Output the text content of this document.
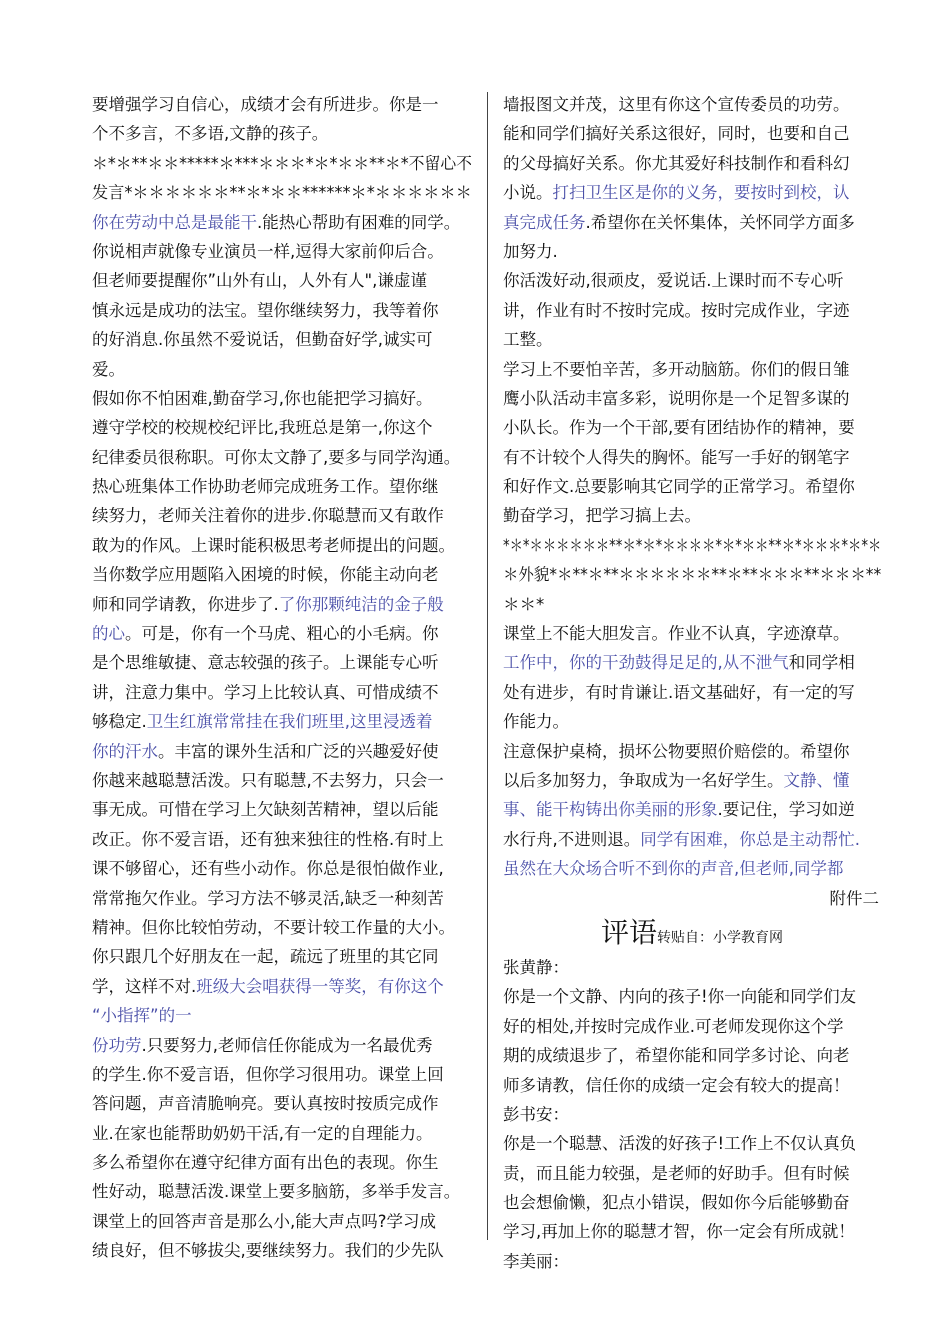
要增强学习自信心，成绩才会有所进步。你是一
个不多言，不多语,文静的孩子。
＊*＊**＊＊*****＊***＊＊＊*＊*＊＊**＊*不留心不
发言*＊＊＊＊＊＊**＊*＊＊******＊*＊＊＊＊＊＊
你在劳动中总是最能干.能热心帮助有困难的同学。
你说相声就像专业演员一样,逗得大家前仰后合。
但老师要提醒你”山外有山，人外有人",谦虚谨
慎永远是成功的法宝。望你继续努力，我等着你
的好消息.你虽然不爱说话，但勤奋好学,诚实可
爱。
假如你不怕困难,勤奋学习,你也能把学习搞好。
遵守学校的校规校纪评比,我班总是第一,你这个
纪律委员很称职。可你太文静了,要多与同学沟通。
热心班集体工作协助老师完成班务工作。望你继
续努力，老师关注着你的进步.你聪慧而又有敢作
敢为的作风。上课时能积极思考老师提出的问题。
当你数学应用题陷入困境的时候，你能主动向老
师和同学请教，你进步了.了你那颗纯洁的金子般
的心。可是，你有一个马虎、粗心的小毛病。你
是个思维敏捷、意志较强的孩子。上课能专心听
讲，注意力集中。学习上比较认真、可惜成绩不
够稳定.卫生红旗常常挂在我们班里,这里浸透着
你的汗水。丰富的课外生活和广泛的兴趣爱好使
你越来越聪慧活泼。只有聪慧,不去努力，只会一
事无成。可惜在学习上欠缺刻苦精神，望以后能
改正。你不爱言语，还有独来独往的性格.有时上
课不够留心，还有些小动作。你总是很怕做作业,
常常拖欠作业。学习方法不够灵活,缺乏一种刻苦
精神。但你比较怕劳动，不要计较工作量的大小。
你只跟几个好朋友在一起，疏远了班里的其它同
学，这样不对.班级大会唱获得一等奖，有你这个
“小指挥”的一
份功劳.只要努力,老师信任你能成为一名最优秀
的学生.你不爱言语，但你学习很用功。课堂上回
答问题，声音清脆响亮。要认真按时按质完成作
业.在家也能帮助奶奶干活,有一定的自理能力。
多么希望你在遵守纪律方面有出色的表现。你生
性好动，聪慧活泼.课堂上要多脑筋，多举手发言。
课堂上的回答声音是那么小,能大声点吗?学习成
绩良好，但不够拔尖,要继续努力。我们的少先队
墙报图文并茂，这里有你这个宣传委员的功劳。
能和同学们搞好关系这很好，同时，也要和自己
的父母搞好关系。你尤其爱好科技制作和看科幻
小说。打扫卫生区是你的义务，要按时到校，认
真完成任务.希望你在关怀集体，关怀同学方面多
加努力.
你活泼好动,很顽皮，爱说话.上课时而不专心听
讲，作业有时不按时完成。按时完成作业，字迹
工整。
学习上不要怕辛苦，多开动脑筋。你们的假日雏
鹰小队活动丰富多彩，说明你是一个足智多谋的
小队长。作为一个干部,要有团结协作的精神，要
有不计较个人得失的胸怀。能写一手好的钢笔字
和好作文.总要影响其它同学的正常学习。希望你
勤奋学习，把学习搞上去。
*＊*＊＊＊＊＊＊**＊*＊*＊＊＊＊*＊*＊＊**＊*＊＊＊*＊*＊
＊外貌*＊**＊**＊＊＊＊＊＊**＊**＊＊＊**＊＊＊**
＊＊*
课堂上不能大胆发言。作业不认真，字迹潦草。
工作中，你的干劲鼓得足足的,从不泄气和同学相
处有进步，有时肯谦让.语文基础好，有一定的写
作能力。
注意保护桌椅，损坏公物要照价赔偿的。希望你
以后多加努力，争取成为一名好学生。文静、懂
事、能干构铸出你美丽的形象.要记住，学习如逆
水行舟,不进则退。同学有困难，你总是主动帮忙.
虽然在大众场合听不到你的声音,但老师,同学都
附件二
评语转贴自：小学教育网
张黄静：
你是一个文静、内向的孩子!你一向能和同学们友
好的相处,并按时完成作业.可老师发现你这个学
期的成绩退步了，希望你能和同学多讨论、向老
师多请教，信任你的成绩一定会有较大的提高！
彭书安：
你是一个聪慧、活泼的好孩子!工作上不仅认真负
责，而且能力较强，是老师的好助手。但有时候
也会想偷懒，犯点小错误，假如你今后能够勤奋
学习,再加上你的聪慧才智，你一定会有所成就！
李美丽：
